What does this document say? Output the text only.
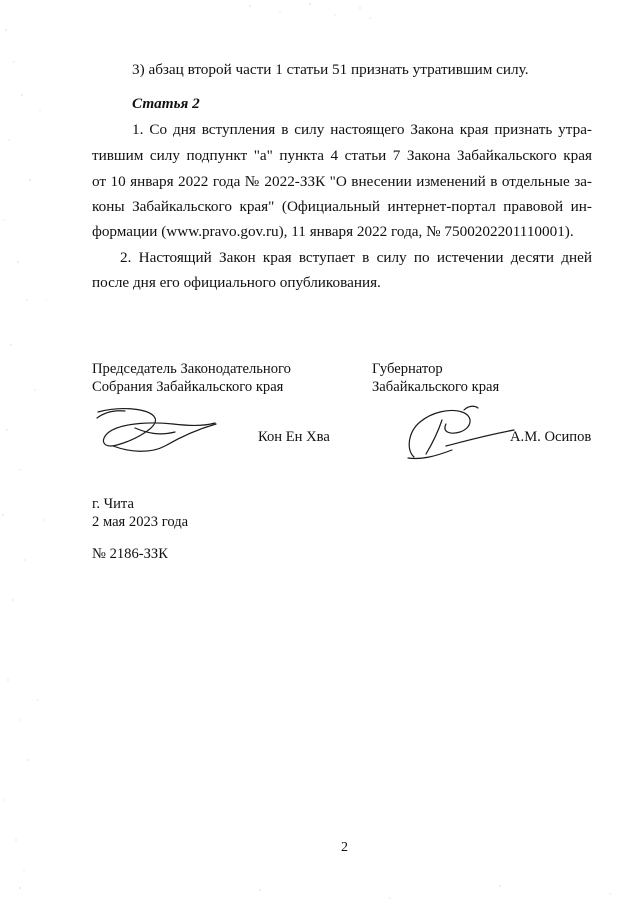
3) абзац второй части 1 статьи 51 признать утратившим силу.
Статья 2
1. Со дня вступления в силу настоящего Закона края признать утра-
тившим силу подпункт "а" пункта 4 статьи 7 Закона Забайкальского края
от 10 января 2022 года № 2022-ЗЗК "О внесении изменений в отдельные за-
коны Забайкальского края" (Официальный интернет-портал правовой ин-
формации (www.pravo.gov.ru), 11 января 2022 года, № 7500202201110001).
2. Настоящий Закон края вступает в силу по истечении десяти дней
после дня его официального опубликования.
Председатель Законодательного
Собрания Забайкальского края
Кон Ен Хва
Губернатор
Забайкальского края
А.М. Осипов
г. Чита
2 мая 2023 года
№ 2186-ЗЗК
2
